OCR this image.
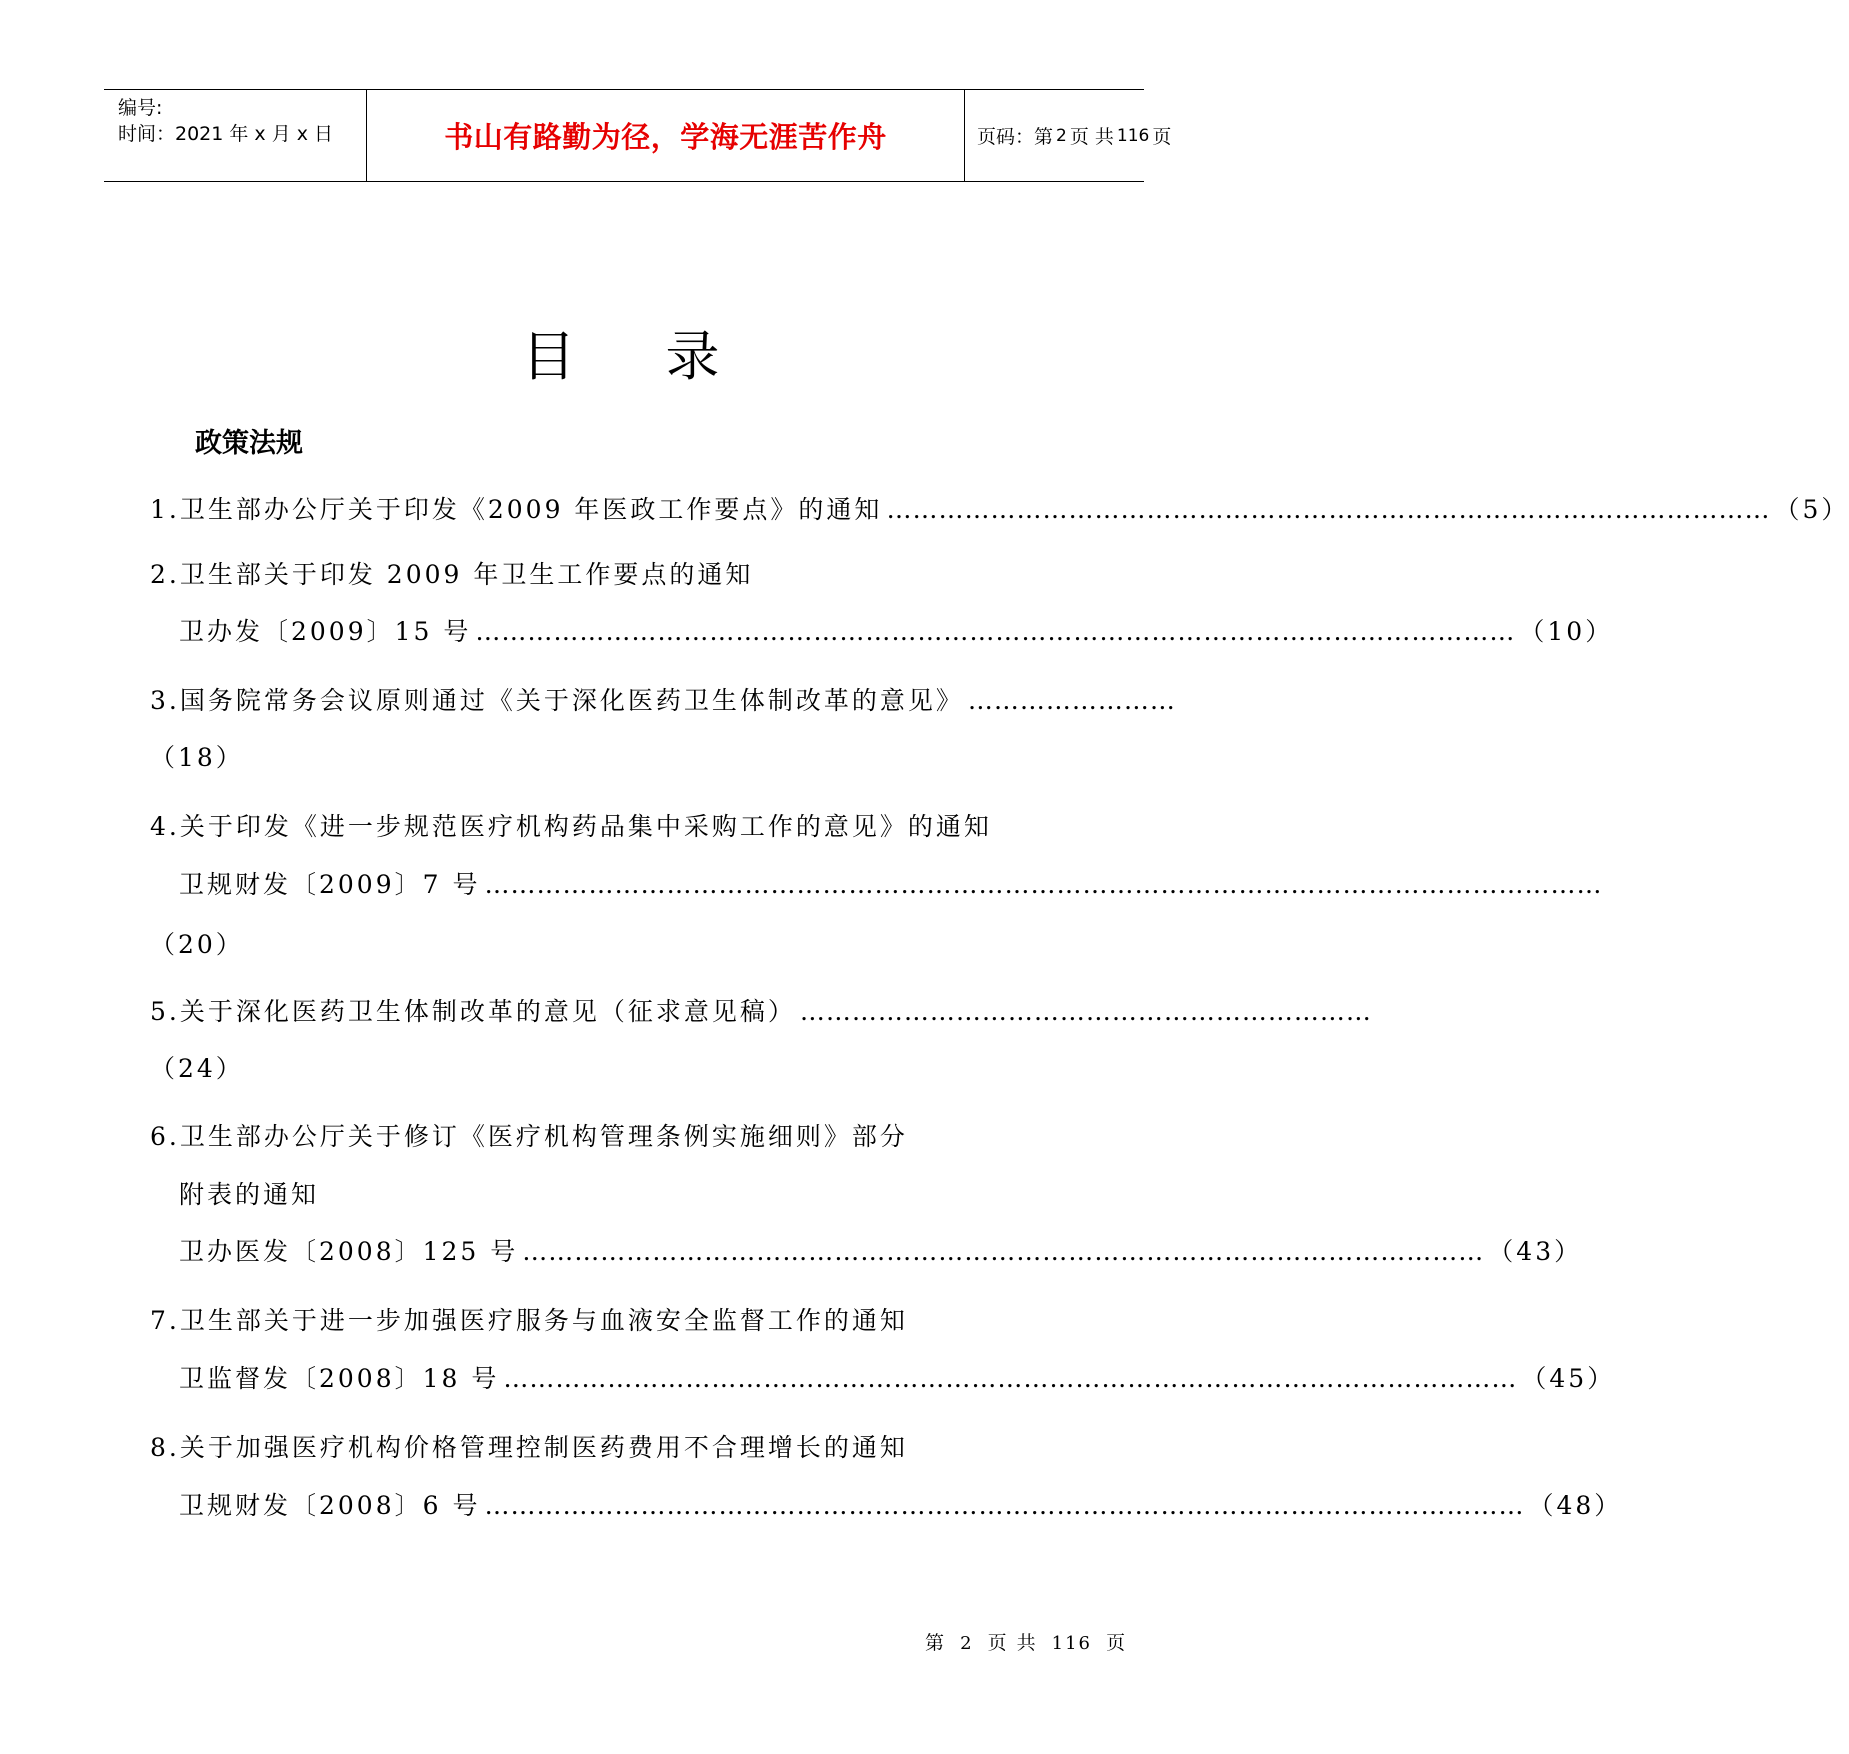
编号:
时间：2021 年 x 月 x 日	书山有路勤为径，学海无涯苦作舟	页码：第 2 页 共 116 页
目录
政策法规
1.卫生部办公厅关于印发《2009 年医政工作要点》的通知 ………………………………………………………………………………………… （5）
2.卫生部关于印发 2009 年卫生工作要点的通知
卫办发〔2009〕15 号 ………………………………………………………………………………………………………… （10）
3.国务院常务会议原则通过《关于深化医药卫生体制改革的意见》 ……………………
（18）
4.关于印发《进一步规范医疗机构药品集中采购工作的意见》的通知
卫规财发〔2009〕7 号 …………………………………………………………………………………………………………………
（20）
5.关于深化医药卫生体制改革的意见（征求意见稿） …………………………………………………………
（24）
6.卫生部办公厅关于修订《医疗机构管理条例实施细则》部分
附表的通知
卫办医发〔2008〕125 号 ………………………………………………………………………………………………… （43）
7.卫生部关于进一步加强医疗服务与血液安全监督工作的通知
卫监督发〔2008〕18 号 ……………………………………………………………………………………………………… （45）
8.关于加强医疗机构价格管理控制医药费用不合理增长的通知
卫规财发〔2008〕6 号 ………………………………………………………………………………………………………… （48）
第 2 页 共 116 页
